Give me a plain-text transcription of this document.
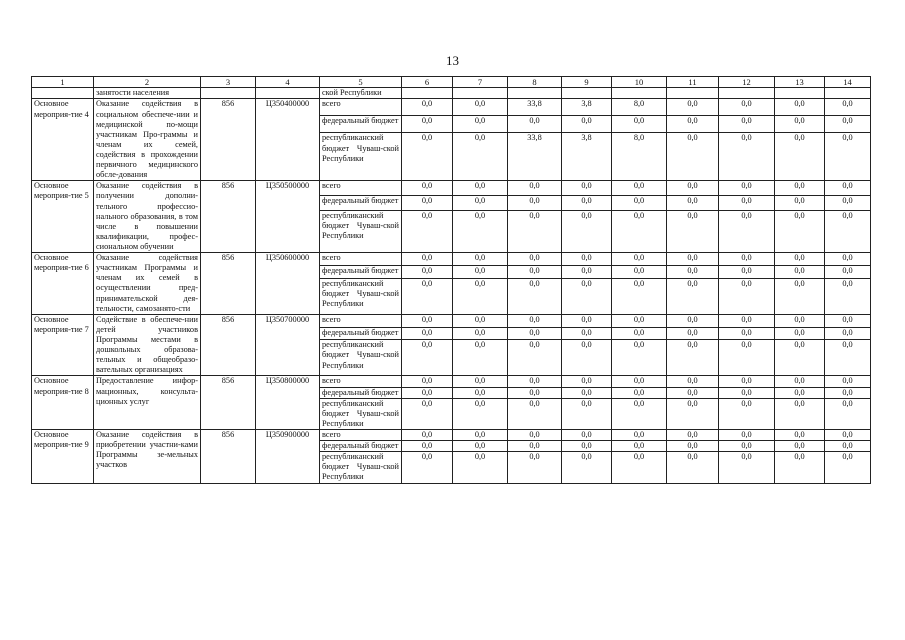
13
1	2	3	4	5	6	7	8	9	10	11	12	13	14
	занятости населения			ской Республики									
Основное мероприя-тие 4	Оказание содействия в социальном обеспече-нии и медицинской по-мощи участникам Про-граммы и членам их семей, содействия в прохождении первичного медицинского обсле-дования	856	Ц350400000	всего	0,0	0,0	33,8	3,8	8,0	0,0	0,0	0,0	0,0
				федеральный бюджет	0,0	0,0	0,0	0,0	0,0	0,0	0,0	0,0	0,0
				республиканский бюджет Чуваш-ской Республики	0,0	0,0	33,8	3,8	8,0	0,0	0,0	0,0	0,0
Основное мероприя-тие 5	Оказание содействия в получении дополни-тельного профессио-нального образования, в том числе в повышении квалификации, профес-сиональном обучении	856	Ц350500000	всего	0,0	0,0	0,0	0,0	0,0	0,0	0,0	0,0	0,0
				федеральный бюджет	0,0	0,0	0,0	0,0	0,0	0,0	0,0	0,0	0,0
				республиканский бюджет Чуваш-ской Республики	0,0	0,0	0,0	0,0	0,0	0,0	0,0	0,0	0,0
Основное мероприя-тие 6	Оказание содействия участникам Программы и членам их семей в осуществлении пред-принимательской дея-тельности, самозанято-сти	856	Ц350600000	всего	0,0	0,0	0,0	0,0	0,0	0,0	0,0	0,0	0,0
				федеральный бюджет	0,0	0,0	0,0	0,0	0,0	0,0	0,0	0,0	0,0
				республиканский бюджет Чуваш-ской Республики	0,0	0,0	0,0	0,0	0,0	0,0	0,0	0,0	0,0
Основное мероприя-тие 7	Содействие в обеспече-нии детей участников Программы местами в дошкольных образова-тельных и общеобразо-вательных организациях	856	Ц350700000	всего	0,0	0,0	0,0	0,0	0,0	0,0	0,0	0,0	0,0
				федеральный бюджет	0,0	0,0	0,0	0,0	0,0	0,0	0,0	0,0	0,0
				республиканский бюджет Чуваш-ской Республики	0,0	0,0	0,0	0,0	0,0	0,0	0,0	0,0	0,0
Основное мероприя-тие 8	Предоставление инфор-мационных, консульта-ционных услуг	856	Ц350800000	всего	0,0	0,0	0,0	0,0	0,0	0,0	0,0	0,0	0,0
				федеральный бюджет	0,0	0,0	0,0	0,0	0,0	0,0	0,0	0,0	0,0
				республиканский бюджет Чуваш-ской Республики	0,0	0,0	0,0	0,0	0,0	0,0	0,0	0,0	0,0
Основное мероприя-тие 9	Оказание содействия в приобретении участни-ками Программы зе-мельных участков	856	Ц350900000	всего	0,0	0,0	0,0	0,0	0,0	0,0	0,0	0,0	0,0
				федеральный бюджет	0,0	0,0	0,0	0,0	0,0	0,0	0,0	0,0	0,0
				республиканский бюджет Чуваш-ской Республики	0,0	0,0	0,0	0,0	0,0	0,0	0,0	0,0	0,0
